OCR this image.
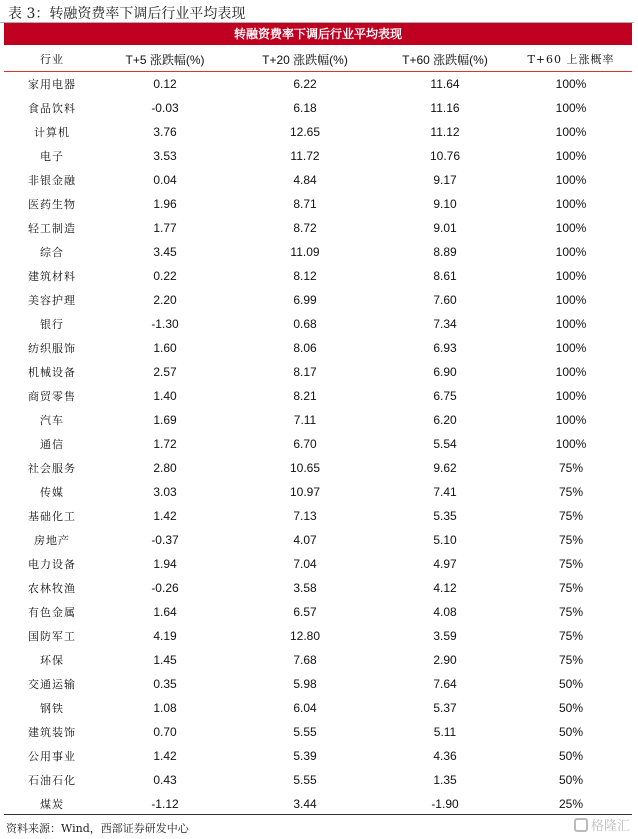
表 3：转融资费率下调后行业平均表现
转融资费率下调后行业平均表现
行业	T+5 涨跌幅(%)	T+20 涨跌幅(%)	T+60 涨跌幅(%)	T+60 上涨概率
家用电器	0.12	6.22	11.64	100%
食品饮料	-0.03	6.18	11.16	100%
计算机	3.76	12.65	11.12	100%
电子	3.53	11.72	10.76	100%
非银金融	0.04	4.84	9.17	100%
医药生物	1.96	8.71	9.10	100%
轻工制造	1.77	8.72	9.01	100%
综合	3.45	11.09	8.89	100%
建筑材料	0.22	8.12	8.61	100%
美容护理	2.20	6.99	7.60	100%
银行	-1.30	0.68	7.34	100%
纺织服饰	1.60	8.06	6.93	100%
机械设备	2.57	8.17	6.90	100%
商贸零售	1.40	8.21	6.75	100%
汽车	1.69	7.11	6.20	100%
通信	1.72	6.70	5.54	100%
社会服务	2.80	10.65	9.62	75%
传媒	3.03	10.97	7.41	75%
基础化工	1.42	7.13	5.35	75%
房地产	-0.37	4.07	5.10	75%
电力设备	1.94	7.04	4.97	75%
农林牧渔	-0.26	3.58	4.12	75%
有色金属	1.64	6.57	4.08	75%
国防军工	4.19	12.80	3.59	75%
环保	1.45	7.68	2.90	75%
交通运输	0.35	5.98	7.64	50%
钢铁	1.08	6.04	5.37	50%
建筑装饰	0.70	5.55	5.11	50%
公用事业	1.42	5.39	4.36	50%
石油石化	0.43	5.55	1.35	50%
煤炭	-1.12	3.44	-1.90	25%
资料来源：Wind，西部证券研发中心	格隆汇
